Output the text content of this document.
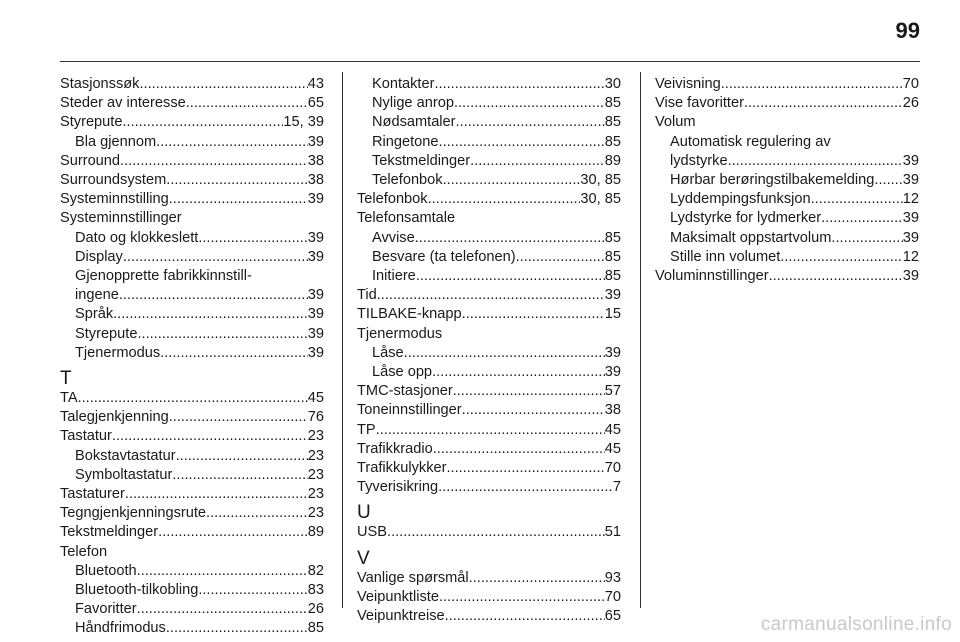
99
Stasjonssøk .....	43
Steder av interesse .....	65
Styrepute .....	15, 39
Bla gjennom .....	39
Surround .....	38
Surroundsystem .....	38
Systeminnstilling .....	39
Systeminnstillinger
Dato og klokkeslett .....	39
Display .....	39
Gjenopprette fabrikkinnstill-
ingene .....	39
Språk .....	39
Styrepute .....	39
Tjenermodus .....	39
T
TA .....	45
Talegjenkjenning .....	76
Tastatur .....	23
Bokstavtastatur .....	23
Symboltastatur .....	23
Tastaturer .....	23
Tegngjenkjenningsrute .....	23
Tekstmeldinger .....	89
Telefon
Bluetooth .....	82
Bluetooth-tilkobling .....	83
Favoritter .....	26
Håndfrimodus .....	85
Kontakter .....	30
Nylige anrop .....	85
Nødsamtaler .....	85
Ringetone .....	85
Tekstmeldinger .....	89
Telefonbok .....	30, 85
Telefonbok .....	30, 85
Telefonsamtale
Avvise .....	85
Besvare (ta telefonen) .....	85
Initiere .....	85
Tid .....	39
TILBAKE-knapp .....	15
Tjenermodus
Låse .....	39
Låse opp .....	39
TMC-stasjoner .....	57
Toneinnstillinger .....	38
TP .....	45
Trafikkradio .....	45
Trafikkulykker .....	70
Tyverisikring .....	7
U
USB .....	51
V
Vanlige spørsmål .....	93
Veipunktliste .....	70
Veipunktreise .....	65
Veivisning .....	70
Vise favoritter .....	26
Volum
Automatisk regulering av
lydstyrke .....	39
Hørbar berøringstilbakemelding ..... 39
Lyddempingsfunksjon .....	12
Lydstyrke for lydmerker .....	39
Maksimalt oppstartvolum .....	39
Stille inn volumet .....	12
Voluminnstillinger .....	39
carmanualsonline.info
